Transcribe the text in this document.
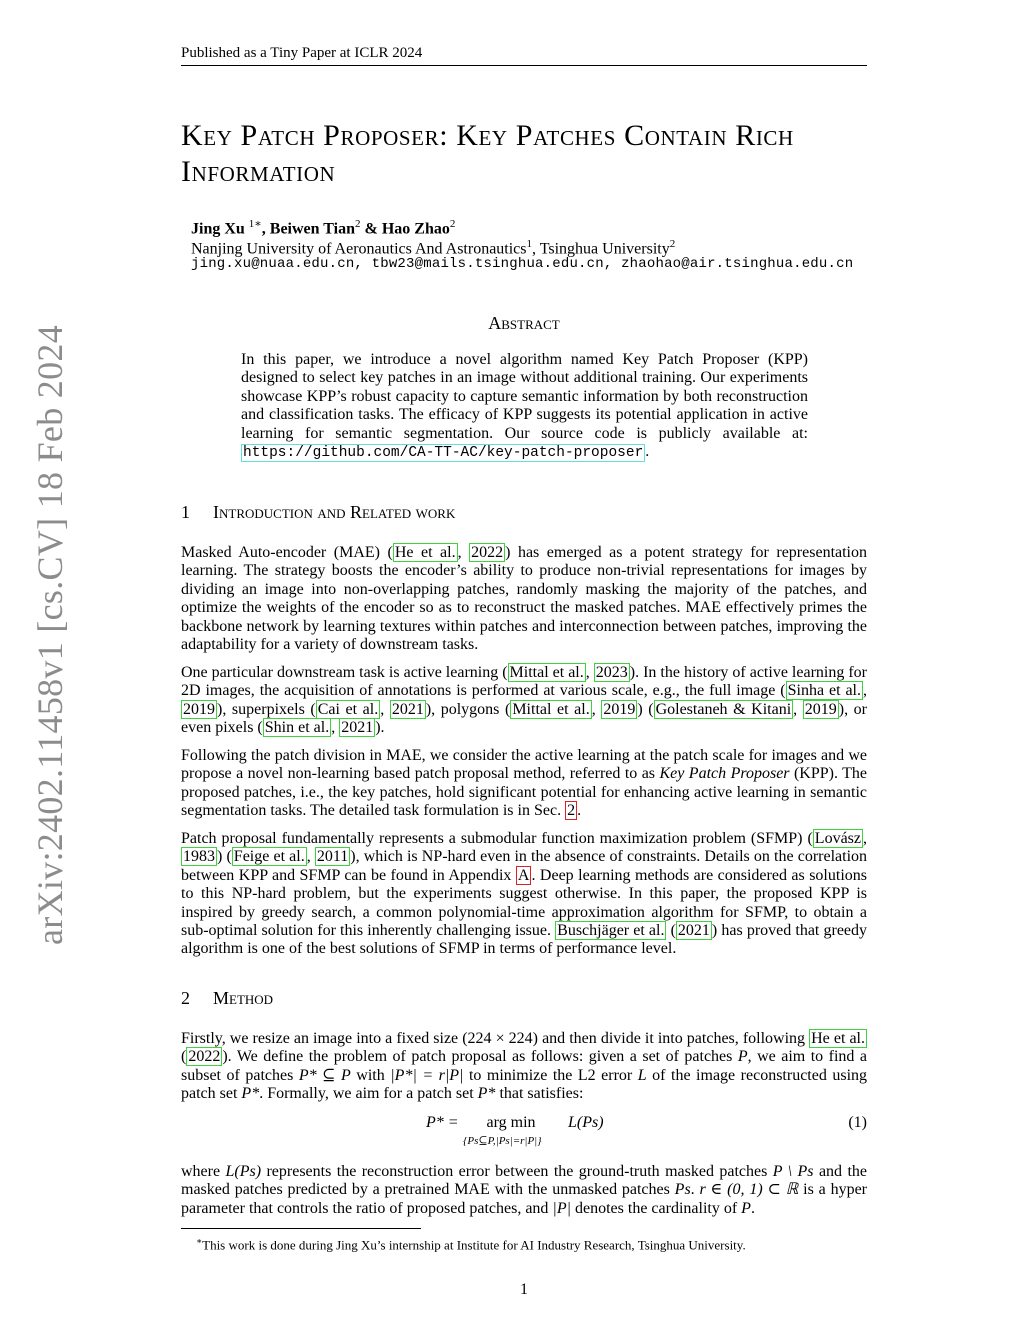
Published as a Tiny Paper at ICLR 2024
arXiv:2402.11458v1 [cs.CV] 18 Feb 2024
Key Patch Proposer: Key Patches Contain Rich
Information
Jing Xu $^{1∗}$, Beiwen Tian$^2$ & Hao Zhao$^2$
Nanjing University of Aeronautics And Astronautics$^1$, Tsinghua University$^2$
jing.xu@nuaa.edu.cn, tbw23@mails.tsinghua.edu.cn, zhaohao@air.tsinghua.edu.cn
Abstract
In this paper, we introduce a novel algorithm named Key Patch Proposer (KPP) designed to select key patches in an image without additional training. Our experiments showcase KPP’s robust capacity to capture semantic information by both reconstruction and classification tasks. The efficacy of KPP suggests its potential application in active learning for semantic segmentation. Our source code is publicly available at: https://github.com/CA-TT-AC/key-patch-proposer .
1 Introduction and Related work

Masked Auto-encoder (MAE) ( He et al. , 2022 ) has emerged as a potent strategy for representation learning. The strategy boosts the encoder’s ability to produce non-trivial representations for images by dividing an image into non-overlapping patches, randomly masking the majority of the patches, and optimize the weights of the encoder so as to reconstruct the masked patches. MAE effectively primes the backbone network by learning textures within patches and interconnection between patches, improving the adaptability for a variety of downstream tasks.

One particular downstream task is active learning ( Mittal et al. , 2023 ). In the history of active learning for 2D images, the acquisition of annotations is performed at various scale, e.g., the full image ( Sinha et al. , 2019 ), superpixels ( Cai et al. , 2021 ), polygons ( Mittal et al. , 2019 ) ( Golestaneh & Kitani , 2019 ), or even pixels ( Shin et al. , 2021 ).

Following the patch division in MAE, we consider the active learning at the patch scale for images and we propose a novel non-learning based patch proposal method, referred to as Key Patch Proposer (KPP). The proposed patches, i.e., the key patches, hold significant potential for enhancing active learning in semantic segmentation tasks. The detailed task formulation is in Sec. 2 .

Patch proposal fundamentally represents a submodular function maximization problem (SFMP) ( Lovász , 1983 ) ( Feige et al. , 2011 ), which is NP-hard even in the absence of constraints. Details on the correlation between KPP and SFMP can be found in Appendix A . Deep learning methods are considered as solutions to this NP-hard problem, but the experiments suggest otherwise. In this paper, the proposed KPP is inspired by greedy search, a common polynomial-time approximation algorithm for SFMP, to obtain a sub-optimal solution for this inherently challenging issue. Buschjäger et al. ( 2021 ) has proved that greedy algorithm is one of the best solutions of SFMP in terms of performance level.

2 Method

Firstly, we resize an image into a fixed size (224 × 224) and then divide it into patches, following He et al. ( 2022 ). We define the problem of patch proposal as follows: given a set of patches P, we aim to find a subset of patches P* ⊆ P with |P*| = r|P| to minimize the L2 error L of the image reconstructed using patch set P*. Formally, we aim for a patch set P* that satisfies:

P* =	arg min
{Ps⊆P,|Ps|=r|P|}
L(Ps)	(1)

where L(Ps) represents the reconstruction error between the ground-truth masked patches P \ Ps and the masked patches predicted by a pretrained MAE with the unmasked patches Ps. r ∈ (0, 1) ⊂ ℝ is a hyper parameter that controls the ratio of proposed patches, and |P| denotes the cardinality of P.

∗This work is done during Jing Xu’s internship at Institute for AI Industry Research, Tsinghua University.
1
